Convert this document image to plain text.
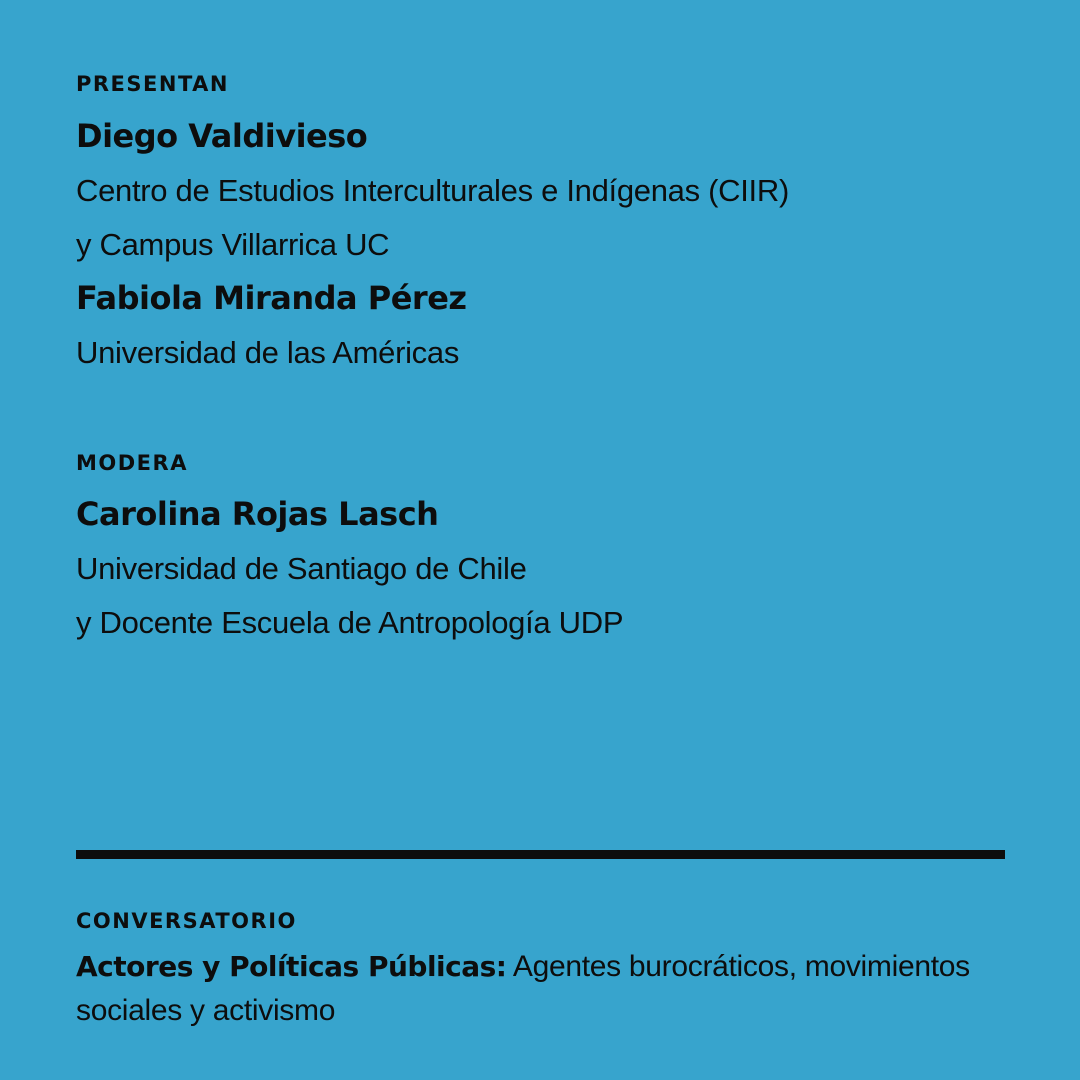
PRESENTAN

Diego Valdivieso

Centro de Estudios Interculturales e Indígenas (CIIR)

y Campus Villarrica UC

Fabiola Miranda Pérez

Universidad de las Américas

MODERA

Carolina Rojas Lasch

Universidad de Santiago de Chile

y Docente Escuela de Antropología UDP

CONVERSATORIO

Actores y Políticas Públicas: Agentes burocráticos, movimientos sociales y activismo
